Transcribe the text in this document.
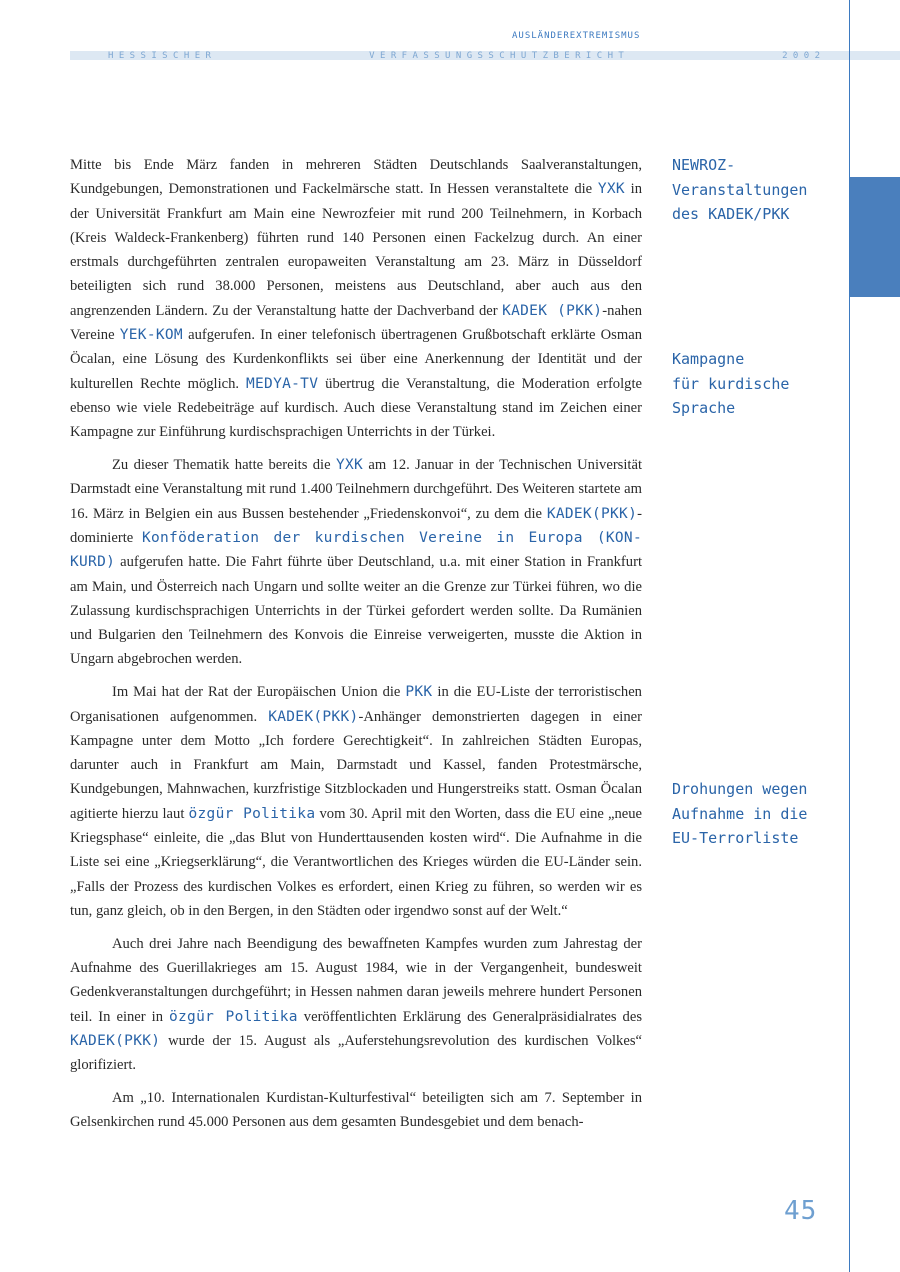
AUSLÄNDEREXTREMISMUS
H E S S I S C H E R	V E R F A S S U N G S S C H U T Z B E R I C H T	2 0 0 2

Mitte bis Ende März fanden in mehreren Städten Deutschlands Saalveranstaltungen, Kundgebungen, Demonstrationen und Fackelmärsche statt. In Hessen veranstaltete die YXK in der Universität Frankfurt am Main eine Newrozfeier mit rund 200 Teilnehmern, in Korbach (Kreis Waldeck-Frankenberg) führten rund 140 Personen einen Fackelzug durch. An einer erstmals durchgeführten zentralen europaweiten Veranstaltung am 23. März in Düsseldorf beteiligten sich rund 38.000 Personen, meistens aus Deutschland, aber auch aus den angrenzenden Ländern. Zu der Veranstaltung hatte der Dachverband der KADEK (PKK)-nahen Vereine YEK-KOM aufgerufen. In einer telefonisch übertragenen Grußbotschaft erklärte Osman Öcalan, eine Lösung des Kurdenkonflikts sei über eine Anerkennung der Identität und der kulturellen Rechte möglich. MEDYA-TV übertrug die Veranstaltung, die Moderation erfolgte ebenso wie viele Redebeiträge auf kurdisch. Auch diese Veranstaltung stand im Zeichen einer Kampagne zur Einführung kurdischsprachigen Unterrichts in der Türkei.

Zu dieser Thematik hatte bereits die YXK am 12. Januar in der Technischen Universität Darmstadt eine Veranstaltung mit rund 1.400 Teilnehmern durchgeführt. Des Weiteren startete am 16. März in Belgien ein aus Bussen bestehender „Friedenskonvoi“, zu dem die KADEK(PKK)-dominierte Konföderation der kurdischen Vereine in Europa (KON-KURD) aufgerufen hatte. Die Fahrt führte über Deutschland, u.a. mit einer Station in Frankfurt am Main, und Österreich nach Ungarn und sollte weiter an die Grenze zur Türkei führen, wo die Zulassung kurdischsprachigen Unterrichts in der Türkei gefordert werden sollte. Da Rumänien und Bulgarien den Teilnehmern des Konvois die Einreise verweigerten, musste die Aktion in Ungarn abgebrochen werden.

Im Mai hat der Rat der Europäischen Union die PKK in die EU-Liste der terroristischen Organisationen aufgenommen. KADEK(PKK)-Anhänger demonstrierten dagegen in einer Kampagne unter dem Motto „Ich fordere Gerechtigkeit“. In zahlreichen Städten Europas, darunter auch in Frankfurt am Main, Darmstadt und Kassel, fanden Protestmärsche, Kundgebungen, Mahnwachen, kurzfristige Sitzblockaden und Hungerstreiks statt. Osman Öcalan agitierte hierzu laut özgür Politika vom 30. April mit den Worten, dass die EU eine „neue Kriegsphase“ einleite, die „das Blut von Hunderttausenden kosten wird“. Die Aufnahme in die Liste sei eine „Kriegserklärung“, die Verantwortlichen des Krieges würden die EU-Länder sein. „Falls der Prozess des kurdischen Volkes es erfordert, einen Krieg zu führen, so werden wir es tun, ganz gleich, ob in den Bergen, in den Städten oder irgendwo sonst auf der Welt.“

Auch drei Jahre nach Beendigung des bewaffneten Kampfes wurden zum Jahrestag der Aufnahme des Guerillakrieges am 15. August 1984, wie in der Vergangenheit, bundesweit Gedenkveranstaltungen durchgeführt; in Hessen nahmen daran jeweils mehrere hundert Personen teil. In einer in özgür Politika veröffentlichten Erklärung des Generalpräsidialrates des KADEK(PKK) wurde der 15. August als „Auferstehungsrevolution des kurdischen Volkes“ glorifiziert.

Am „10. Internationalen Kurdistan-Kulturfestival“ beteiligten sich am 7. September in Gelsenkirchen rund 45.000 Personen aus dem gesamten Bundesgebiet und dem benach-

NEWROZ-
Veranstaltungen
des KADEK/PKK
Kampagne
für kurdische
Sprache
Drohungen wegen
Aufnahme in die
EU-Terrorliste
45
